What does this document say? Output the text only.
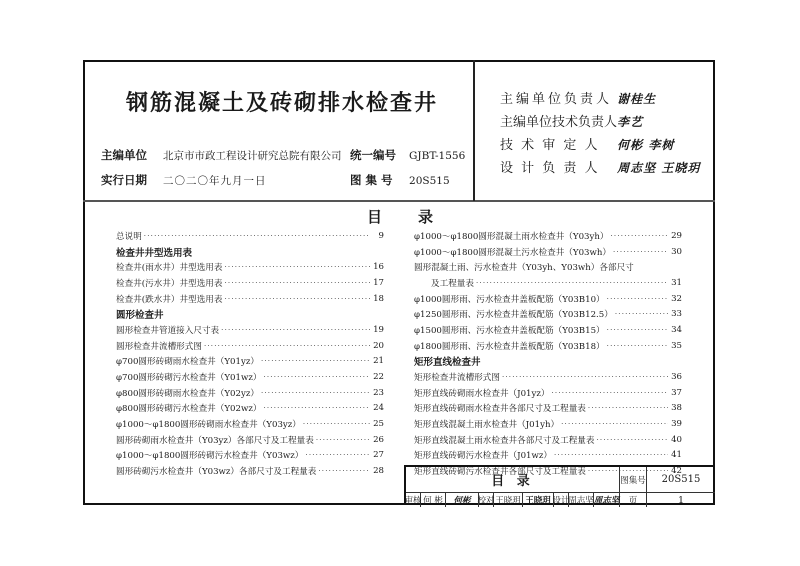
钢筋混凝土及砖砌排水检查井
主编单位 北京市市政工程设计研究总院有限公司 统一编号 GJBT-1556
实行日期 二〇二〇年九月一日	图 集 号 20S515
主编单位负责人 谢桂生
主编单位技术负责人 李艺
技 术 审 定 人 何彬 李树
设 计 负 责 人 周志坚 王晓玥
目 录
总说明 ·····	9
检查井井型选用表
检查井(雨水井）井型选用表 ·····	16
检查井(污水井）井型选用表 ·····	17
检查井(跌水井）井型选用表 ·····	18
圆形检查井
圆形检查井管道接入尺寸表 ·····	19
圆形检查井流槽形式图 ·····	20
φ700圆形砖砌雨水检查井（Y01yz） ·····	21
φ700圆形砖砌污水检查井（Y01wz） ·····	22
φ800圆形砖砌雨水检查井（Y02yz） ·····	23
φ800圆形砖砌污水检查井（Y02wz） ·····	24
φ1000～φ1800圆形砖砌雨水检查井（Y03yz） ·····	25
圆形砖砌雨水检查井（Y03yz）各部尺寸及工程量表 ·····	26
φ1000～φ1800圆形砖砌污水检查井（Y03wz） ·····	27
圆形砖砌污水检查井（Y03wz）各部尺寸及工程量表 ·····	28
φ1000～φ1800圆形混凝土雨水检查井（Y03yh） ·····	29
φ1000～φ1800圆形混凝土污水检查井（Y03wh） ·····	30
圆形混凝土雨、污水检查井（Y03yh、Y03wh）各部尺寸
及工程量表 ·····	31
φ1000圆形雨、污水检查井盖板配筋（Y03B10） ·····	32
φ1250圆形雨、污水检查井盖板配筋（Y03B12.5） ·····	33
φ1500圆形雨、污水检查井盖板配筋（Y03B15） ·····	34
φ1800圆形雨、污水检查井盖板配筋（Y03B18） ·····	35
矩形直线检查井
矩形检查井流槽形式图 ·····	36
矩形直线砖砌雨水检查井（J01yz） ·····	37
矩形直线砖砌雨水检查井各部尺寸及工程量表 ·····	38
矩形直线混凝土雨水检查井（J01yh） ·····	39
矩形直线混凝土雨水检查井各部尺寸及工程量表 ·····	40
矩形直线砖砌污水检查井（J01wz） ·····	41
矩形直线砖砌污水检查井各部尺寸及工程量表 ·····	42
目 录	图集号	20S515
审核 何 彬	何彬 校对 王晓玥 王晓玥 设计
周志坚 周志坚	页	1
